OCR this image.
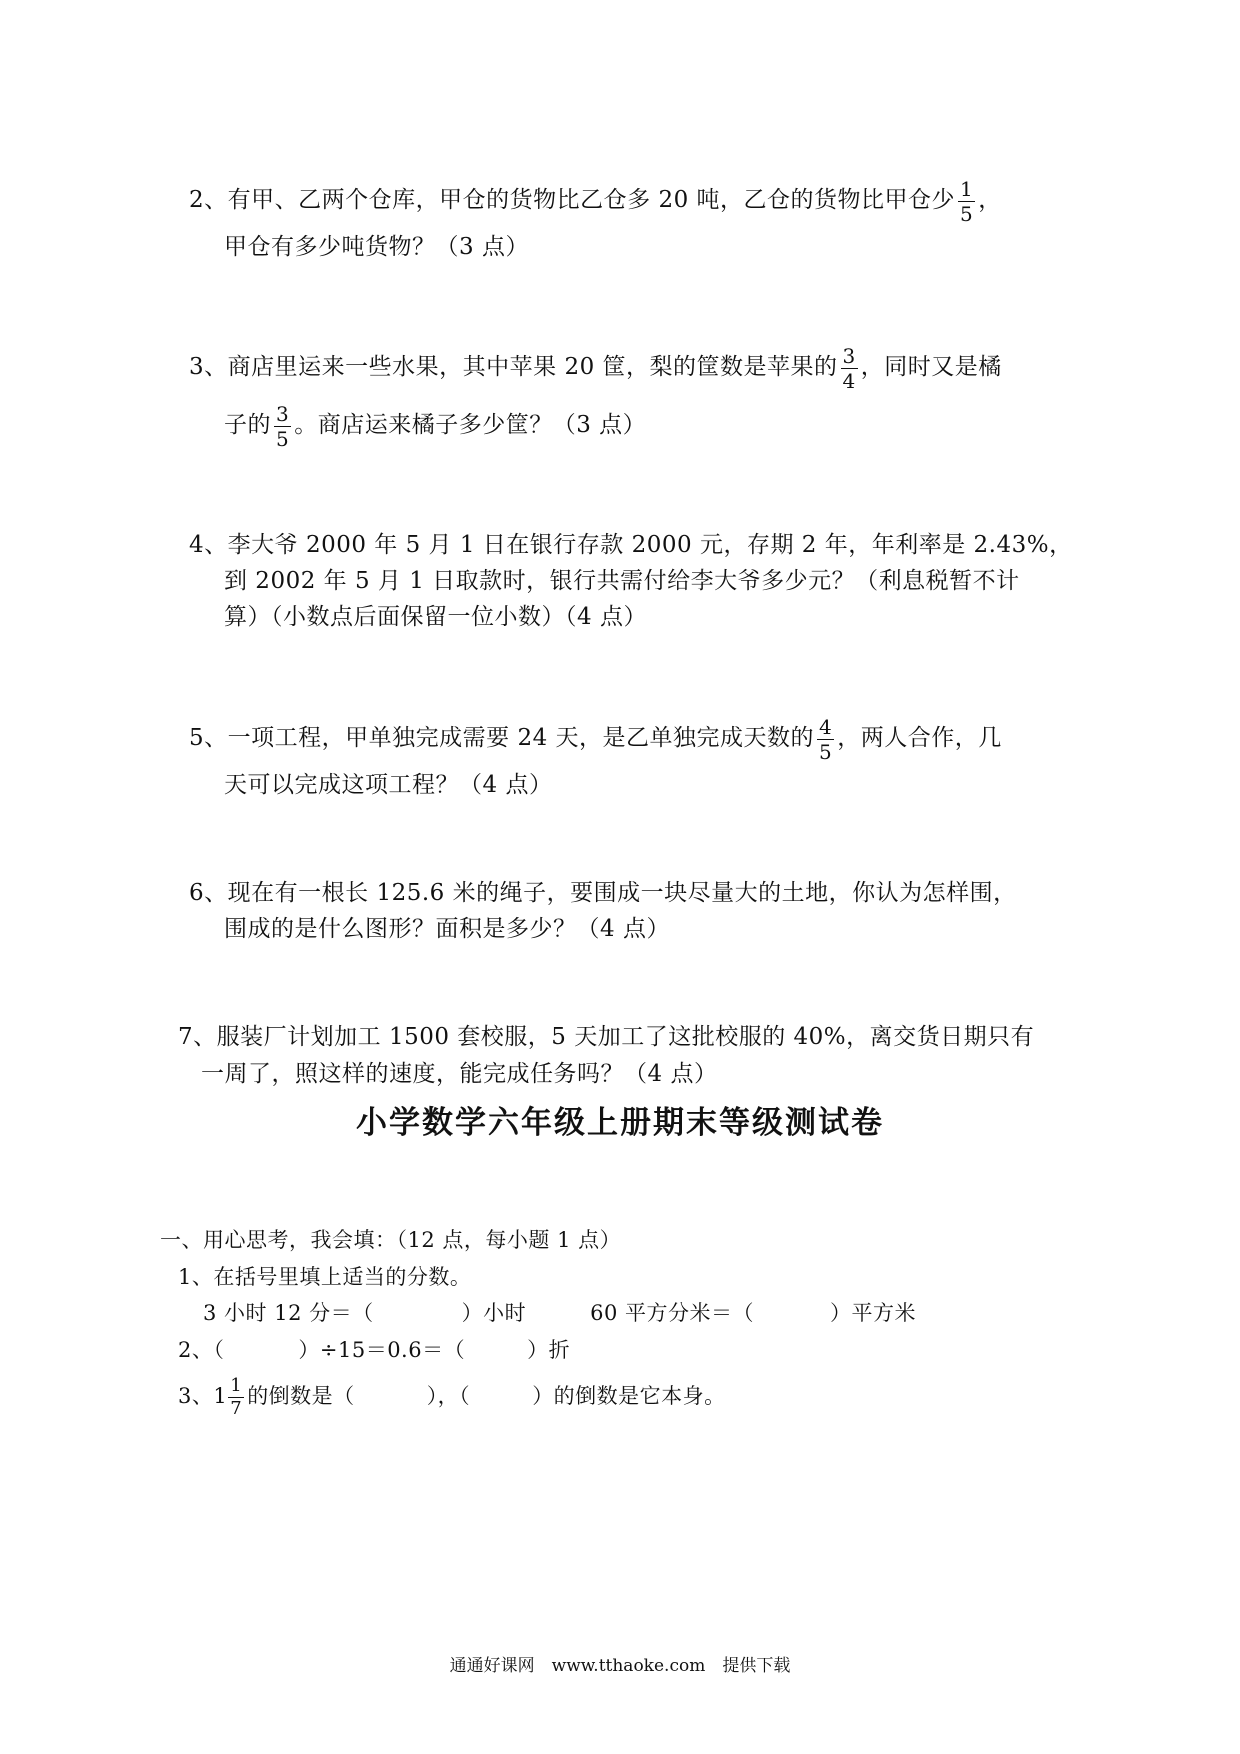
2、有甲、乙两个仓库，甲仓的货物比乙仓多 20 吨，乙仓的货物比甲仓少 $\frac{1}{5}$ ，
甲仓有多少吨货物？（3 点）
3、商店里运来一些水果，其中苹果 20 筐，梨的筐数是苹果的 $\frac{3}{4}$ ，同时又是橘
子的 $\frac{3}{5}$ 。商店运来橘子多少筐？（3 点）
4、李大爷 2000 年 5 月 1 日在银行存款 2000 元，存期 2 年，年利率是 2.43%，
到 2002 年 5 月 1 日取款时，银行共需付给李大爷多少元？（利息税暂不计
算）（小数点后面保留一位小数）（4 点）
5、一项工程，甲单独完成需要 24 天，是乙单独完成天数的 $\frac{4}{5}$ ，两人合作，几
天可以完成这项工程？（4 点）
6、现在有一根长 125.6 米的绳子，要围成一块尽量大的土地，你认为怎样围，
围成的是什么图形？面积是多少？（4 点）
7、服装厂计划加工 1500 套校服，5 天加工了这批校服的 40%，离交货日期只有
一周了，照这样的速度，能完成任务吗？（4 点）
小学数学六年级上册期末等级测试卷
一、用心思考，我会填：（12 点，每小题 1 点）
1、在括号里填上适当的分数。
3 小时 12 分＝（	）小时	60 平方分米＝（	）平方米
2、（	）÷15＝0.6＝（	）折
3、$1 \frac{1}{7}$ 的倒数是（	），（	）的倒数是它本身。
通通好课网　www.tthaoke.com　提供下载
